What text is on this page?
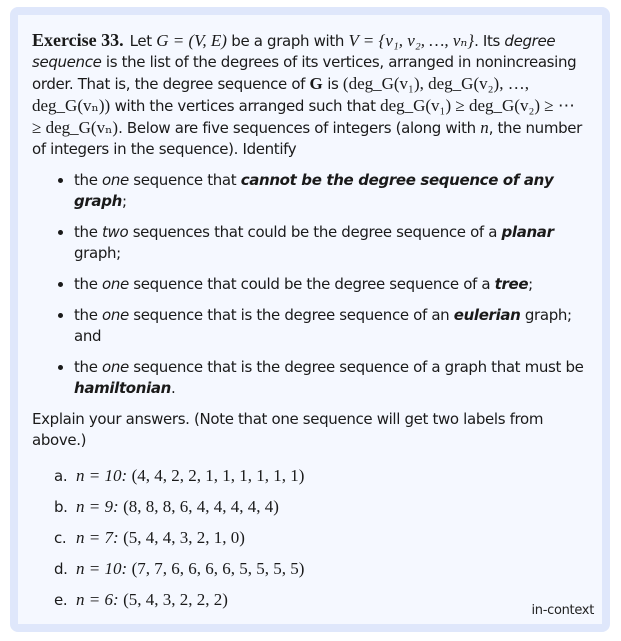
Exercise 33. Let G = (V, E) be a graph with V = {v₁, v₂, …, vₙ}. Its degree sequence is the list of the degrees of its vertices, arranged in nonincreasing order. That is, the degree sequence of G is (deg_G(v₁), deg_G(v₂), …, deg_G(vₙ)) with the vertices arranged such that deg_G(v₁) ≥ deg_G(v₂) ≥ ⋯ ≥ deg_G(vₙ). Below are five sequences of integers (along with n, the number of integers in the sequence). Identify

• the one sequence that cannot be the degree sequence of any graph;
• the two sequences that could be the degree sequence of a planar graph;
• the one sequence that could be the degree sequence of a tree;
• the one sequence that is the degree sequence of an eulerian graph; and
• the one sequence that is the degree sequence of a graph that must be hamiltonian.

Explain your answers. (Note that one sequence will get two labels from above.)

a. n = 10: (4, 4, 2, 2, 1, 1, 1, 1, 1, 1)
b. n = 9: (8, 8, 8, 6, 4, 4, 4, 4, 4)
c. n = 7: (5, 4, 4, 3, 2, 1, 0)
d. n = 10: (7, 7, 6, 6, 6, 6, 5, 5, 5, 5)
e. n = 6: (5, 4, 3, 2, 2, 2)
in-context
